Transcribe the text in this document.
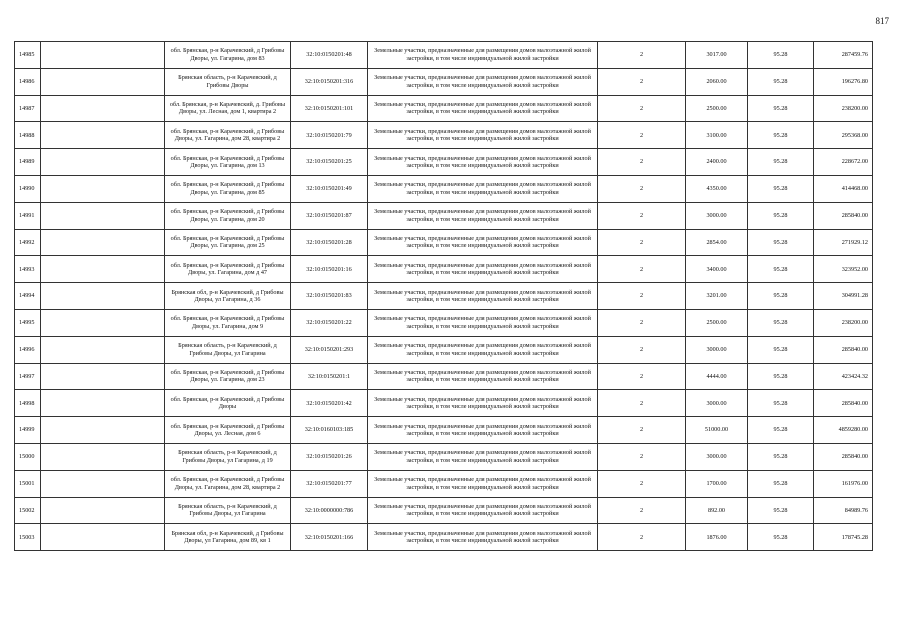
817
14985		обл. Брянская, р-н Карачевский, д Грибовы Дворы, ул. Гагарина, дом 83	32:10:0150201:48	Земельные участки, предназначенные для размещения домов малоэтажной жилой застройки, в том числе индивидуальной жилой застройки	2	3017.00	95.28	287459.76
14986		Брянская область, р-н Карачевский, д Грибовы Дворы	32:10:0150201:316	Земельные участки, предназначенные для размещения домов малоэтажной жилой застройки, в том числе индивидуальной жилой застройки	2	2060.00	95.28	196276.80
14987		обл. Брянская, р-н Карачевский, д. Грибовы Дворы, ул. Лесная, дом 1, квартира 2	32:10:0150201:101	Земельные участки, предназначенные для размещения домов малоэтажной жилой застройки, в том числе индивидуальной жилой застройки	2	2500.00	95.28	238200.00
14988		обл. Брянская, р-н Карачевский, д Грибовы Дворы, ул. Гагарина, дом 28, квартира 2	32:10:0150201:79	Земельные участки, предназначенные для размещения домов малоэтажной жилой застройки, в том числе индивидуальной жилой застройки	2	3100.00	95.28	295368.00
14989		обл. Брянская, р-н Карачевский, д Грибовы Дворы, ул. Гагарина, дом 13	32:10:0150201:25	Земельные участки, предназначенные для размещения домов малоэтажной жилой застройки, в том числе индивидуальной жилой застройки	2	2400.00	95.28	228672.00
14990		обл. Брянская, р-н Карачевский, д Грибовы Дворы, ул. Гагарина, дом 85	32:10:0150201:49	Земельные участки, предназначенные для размещения домов малоэтажной жилой застройки, в том числе индивидуальной жилой застройки	2	4350.00	95.28	414468.00
14991		обл. Брянская, р-н Карачевский, д Грибовы Дворы, ул. Гагарина, дом 20	32:10:0150201:87	Земельные участки, предназначенные для размещения домов малоэтажной жилой застройки, в том числе индивидуальной жилой застройки	2	3000.00	95.28	285840.00
14992		обл. Брянская, р-н Карачевский, д Грибовы Дворы, ул. Гагарина, дом 25	32:10:0150201:28	Земельные участки, предназначенные для размещения домов малоэтажной жилой застройки, в том числе индивидуальной жилой застройки	2	2854.00	95.28	271929.12
14993		обл. Брянская, р-н Карачевский, д Грибовы Дворы, ул. Гагарина, дом д 47	32:10:0150201:16	Земельные участки, предназначенные для размещения домов малоэтажной жилой застройки, в том числе индивидуальной жилой застройки	2	3400.00	95.28	323952.00
14994		Брянская обл, р-н Карачевский, д Грибовы Дворы, ул Гагарина, д 36	32:10:0150201:83	Земельные участки, предназначенные для размещения домов малоэтажной жилой застройки, в том числе индивидуальной жилой застройки	2	3201.00	95.28	304991.28
14995		обл. Брянская, р-н Карачевский, д Грибовы Дворы, ул. Гагарина, дом 9	32:10:0150201:22	Земельные участки, предназначенные для размещения домов малоэтажной жилой застройки, в том числе индивидуальной жилой застройки	2	2500.00	95.28	238200.00
14996		Брянская область, р-н Карачевский, д Грибовы Дворы, ул Гагарина	32:10:0150201:293	Земельные участки, предназначенные для размещения домов малоэтажной жилой застройки, в том числе индивидуальной жилой застройки	2	3000.00	95.28	285840.00
14997		обл. Брянская, р-н Карачевский, д Грибовы Дворы, ул. Гагарина, дом 23	32:10:0150201:1	Земельные участки, предназначенные для размещения домов малоэтажной жилой застройки, в том числе индивидуальной жилой застройки	2	4444.00	95.28	423424.32
14998		обл. Брянская, р-н Карачевский, д Грибовы Дворы	32:10:0150201:42	Земельные участки, предназначенные для размещения домов малоэтажной жилой застройки, в том числе индивидуальной жилой застройки	2	3000.00	95.28	285840.00
14999		обл. Брянская, р-н Карачевский, д Грибовы Дворы, ул. Лесная, дом 6	32:10:0160103:185	Земельные участки, предназначенные для размещения домов малоэтажной жилой застройки, в том числе индивидуальной жилой застройки	2	51000.00	95.28	4859280.00
15000		Брянская область, р-н Карачевский, д Грибовы Дворы, ул Гагарина, д 19	32:10:0150201:26	Земельные участки, предназначенные для размещения домов малоэтажной жилой застройки, в том числе индивидуальной жилой застройки	2	3000.00	95.28	285840.00
15001		обл. Брянская, р-н Карачевский, д Грибовы Дворы, ул. Гагарина, дом 28, квартира 2	32:10:0150201:77	Земельные участки, предназначенные для размещения домов малоэтажной жилой застройки, в том числе индивидуальной жилой застройки	2	1700.00	95.28	161976.00
15002		Брянская область, р-н Карачевский, д Грибовы Дворы, ул Гагарина	32:10:0000000:786	Земельные участки, предназначенные для размещения домов малоэтажной жилой застройки, в том числе индивидуальной жилой застройки	2	892.00	95.28	84989.76
15003		Брянская обл, р-н Карачевский, д Грибовы Дворы, ул Гагарина, дом 89, кв 1	32:10:0150201:166	Земельные участки, предназначенные для размещения домов малоэтажной жилой застройки, в том числе индивидуальной жилой застройки	2	1876.00	95.28	178745.28
